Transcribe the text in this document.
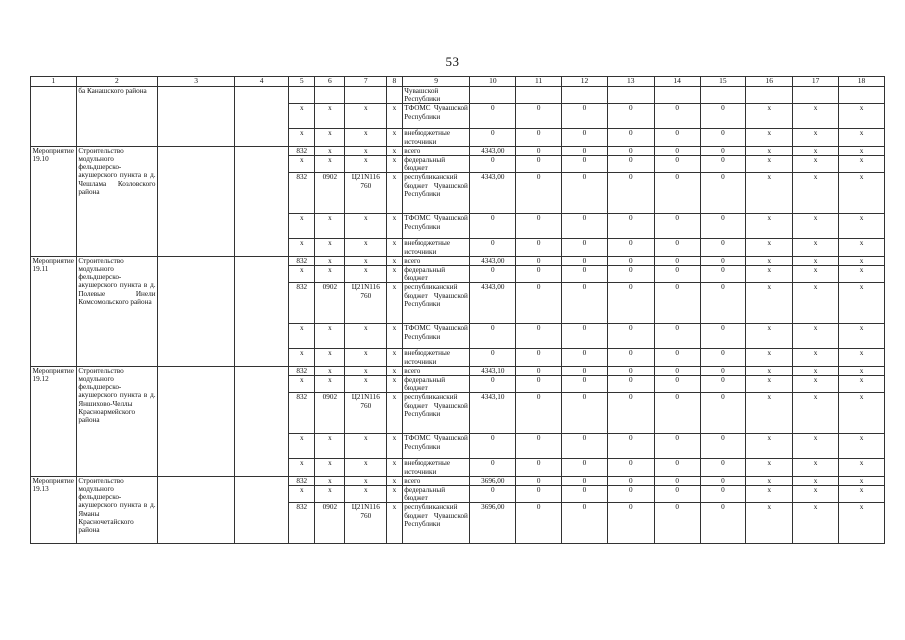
53
1	2	3	4	5	6	7	8	9	10	11	12	13	14	15	16	17	18
	ба Канашского района							Чувашской Республики									
				x	x	x	x	ТФОМС Чувашской Республики	0	0	0	0	0	0	x	x	x
				x	x	x	x	внебюджетные источники	0	0	0	0	0	0	x	x	x
Мероприятие 19.10	Строительство модульного фельдшерско-акушерского пункта в д. Чешлама Козловского района			832	x	x	x	всего	4343,00	0	0	0	0	0	x	x	x
				x	x	x	x	федеральный бюджет	0	0	0	0	0	0	x	x	x
				832	0902	Ц21N116 760	x	республиканский бюджет Чувашской Республики	4343,00	0	0	0	0	0	x	x	x
				x	x	x	x	ТФОМС Чувашской Республики	0	0	0	0	0	0	x	x	x
				x	x	x	x	внебюджетные источники	0	0	0	0	0	0	x	x	x
Мероприятие 19.11	Строительство модульного фельдшерско-акушерского пункта в д. Полевые Инели Комсомольского района			832	x	x	x	всего	4343,00	0	0	0	0	0	x	x	x
				x	x	x	x	федеральный бюджет	0	0	0	0	0	0	x	x	x
				832	0902	Ц21N116 760	x	республиканский бюджет Чувашской Республики	4343,00	0	0	0	0	0	x	x	x
				x	x	x	x	ТФОМС Чувашской Республики	0	0	0	0	0	0	x	x	x
				x	x	x	x	внебюджетные источники	0	0	0	0	0	0	x	x	x
Мероприятие 19.12	Строительство модульного фельдшерско-акушерского пункта в д. Яншихово-Челлы Красноармейского района			832	x	x	x	всего	4343,10	0	0	0	0	0	x	x	x
				x	x	x	x	федеральный бюджет	0	0	0	0	0	0	x	x	x
				832	0902	Ц21N116 760	x	республиканский бюджет Чувашской Республики	4343,10	0	0	0	0	0	x	x	x
				x	x	x	x	ТФОМС Чувашской Республики	0	0	0	0	0	0	x	x	x
				x	x	x	x	внебюджетные источники	0	0	0	0	0	0	x	x	x
Мероприятие 19.13	Строительство модульного фельдшерско-акушерского пункта в д. Яманы Красночетайского района			832	x	x	x	всего	3696,00	0	0	0	0	0	x	x	x
				x	x	x	x	федеральный бюджет	0	0	0	0	0	0	x	x	x
				832	0902	Ц21N116 760	x	республиканский бюджет Чувашской Республики	3696,00	0	0	0	0	0	x	x	x
